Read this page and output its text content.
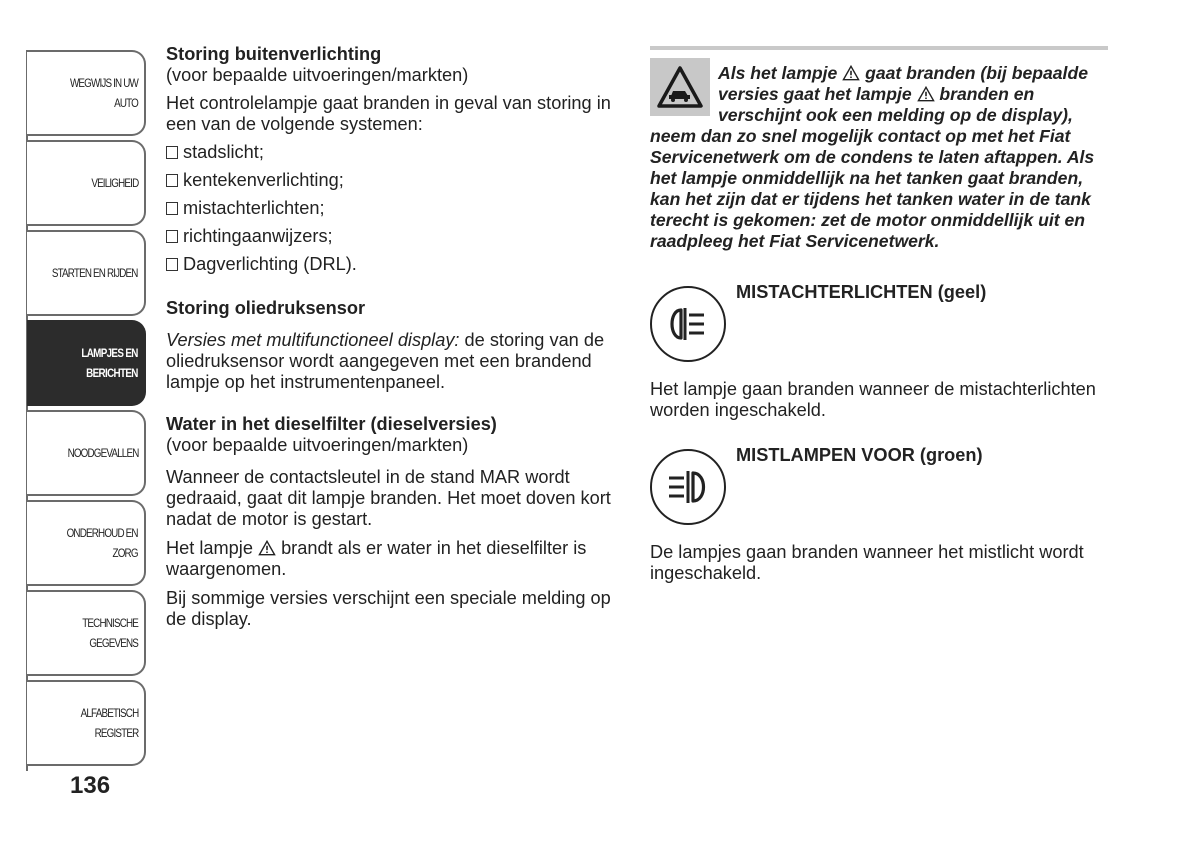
WEGWIJS IN UW
AUTO
VEILIGHEID
STARTEN EN RIJDEN
LAMPJES EN
BERICHTEN
NOODGEVALLEN
ONDERHOUD EN
ZORG
TECHNISCHE
GEGEVENS
ALFABETISCH
REGISTER
136
Storing buitenverlichting
(voor bepaalde uitvoeringen/markten)
Het controlelampje gaat branden in geval van storing in een van de volgende systemen:
stadslicht;
kentekenverlichting;
mistachterlichten;
richtingaanwijzers;
Dagverlichting (DRL).
Storing oliedruksensor
Versies met multifunctioneel display: de storing van de oliedruksensor wordt aangegeven met een brandend lampje op het instrumentenpaneel.
Water in het dieselfilter (dieselversies)
(voor bepaalde uitvoeringen/markten)
Wanneer de contactsleutel in de stand MAR wordt gedraaid, gaat dit lampje branden. Het moet doven kort nadat de motor is gestart.
Het lampje brandt als er water in het dieselfilter is waargenomen.
Bij sommige versies verschijnt een speciale melding op de display.
Als het lampje gaat branden (bij bepaalde versies gaat het lampje branden en verschijnt ook een melding op de display), neem dan zo snel mogelijk contact op met het Fiat Servicenetwerk om de condens te laten aftappen. Als het lampje onmiddellijk na het tanken gaat branden, kan het zijn dat er tijdens het tanken water in de tank terecht is gekomen: zet de motor onmiddellijk uit en raadpleeg het Fiat Servicenetwerk.
MISTACHTERLICHTEN (geel)
Het lampje gaan branden wanneer de mistachterlichten worden ingeschakeld.
MISTLAMPEN VOOR (groen)
De lampjes gaan branden wanneer het mistlicht wordt ingeschakeld.
